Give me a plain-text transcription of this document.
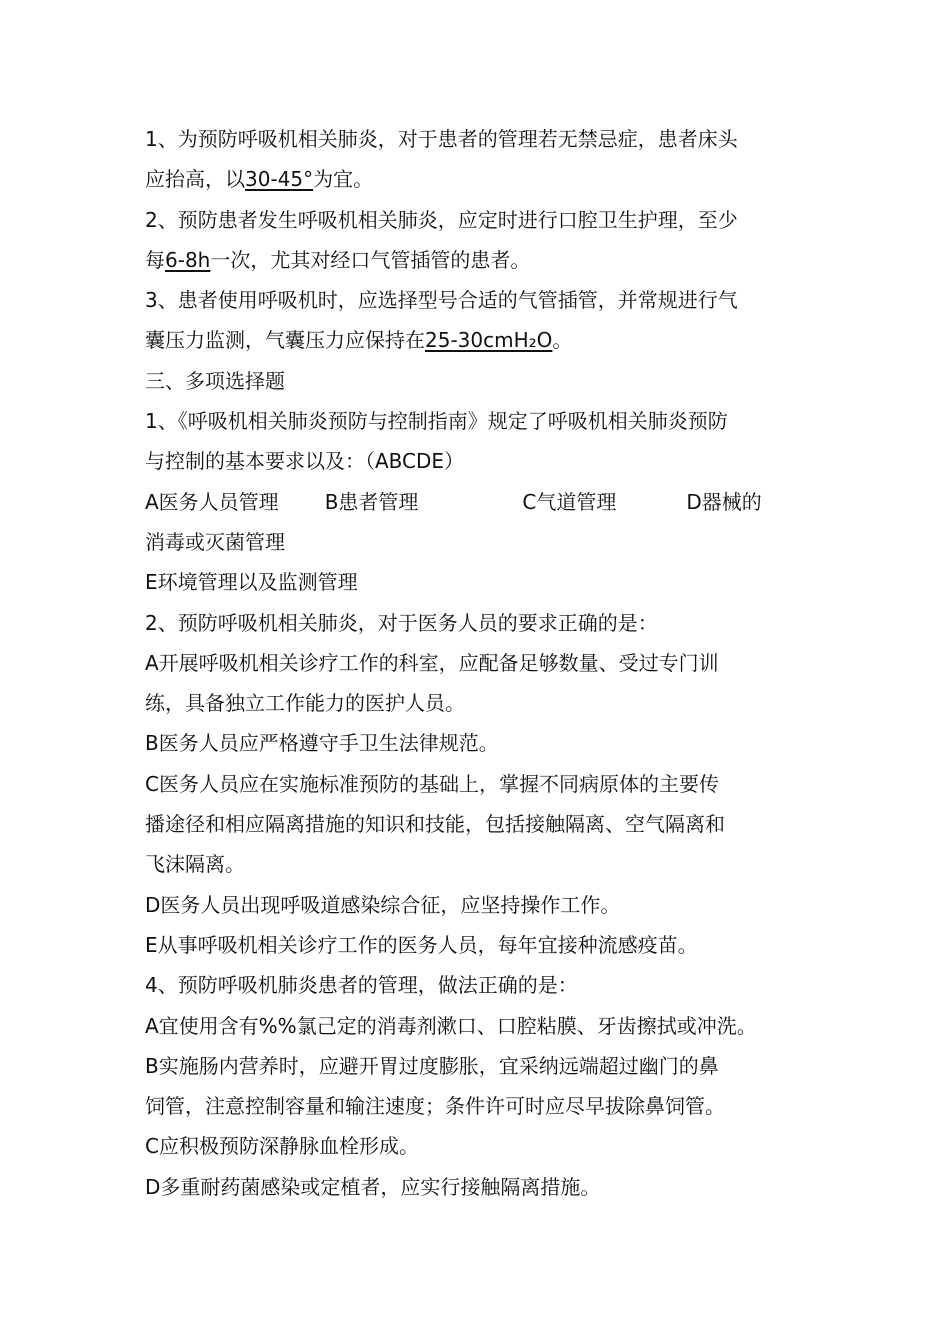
1、为预防呼吸机相关肺炎，对于患者的管理若无禁忌症，患者床头
应抬高，以30-45°为宜。
2、预防患者发生呼吸机相关肺炎，应定时进行口腔卫生护理，至少
每6-8h一次，尤其对经口气管插管的患者。
3、患者使用呼吸机时，应选择型号合适的气管插管，并常规进行气
囊压力监测，气囊压力应保持在25-30cmH₂O。
三、多项选择题
1、《呼吸机相关肺炎预防与控制指南》规定了呼吸机相关肺炎预防
与控制的基本要求以及：（ABCDE）
A医务人员管理 B患者管理	C气道管理	D器械的
消毒或灭菌管理
E环境管理以及监测管理
2、预防呼吸机相关肺炎，对于医务人员的要求正确的是：
A开展呼吸机相关诊疗工作的科室，应配备足够数量、受过专门训
练，具备独立工作能力的医护人员。
B医务人员应严格遵守手卫生法律规范。
C医务人员应在实施标准预防的基础上，掌握不同病原体的主要传
播途径和相应隔离措施的知识和技能，包括接触隔离、空气隔离和
飞沫隔离。
D医务人员出现呼吸道感染综合征，应坚持操作工作。
E从事呼吸机相关诊疗工作的医务人员，每年宜接种流感疫苗。
4、预防呼吸机肺炎患者的管理，做法正确的是：
A宜使用含有%%氯己定的消毒剂漱口、口腔粘膜、牙齿擦拭或冲洗。
B实施肠内营养时，应避开胃过度膨胀，宜采纳远端超过幽门的鼻
饲管，注意控制容量和输注速度；条件许可时应尽早拔除鼻饲管。
C应积极预防深静脉血栓形成。
D多重耐药菌感染或定植者，应实行接触隔离措施。
